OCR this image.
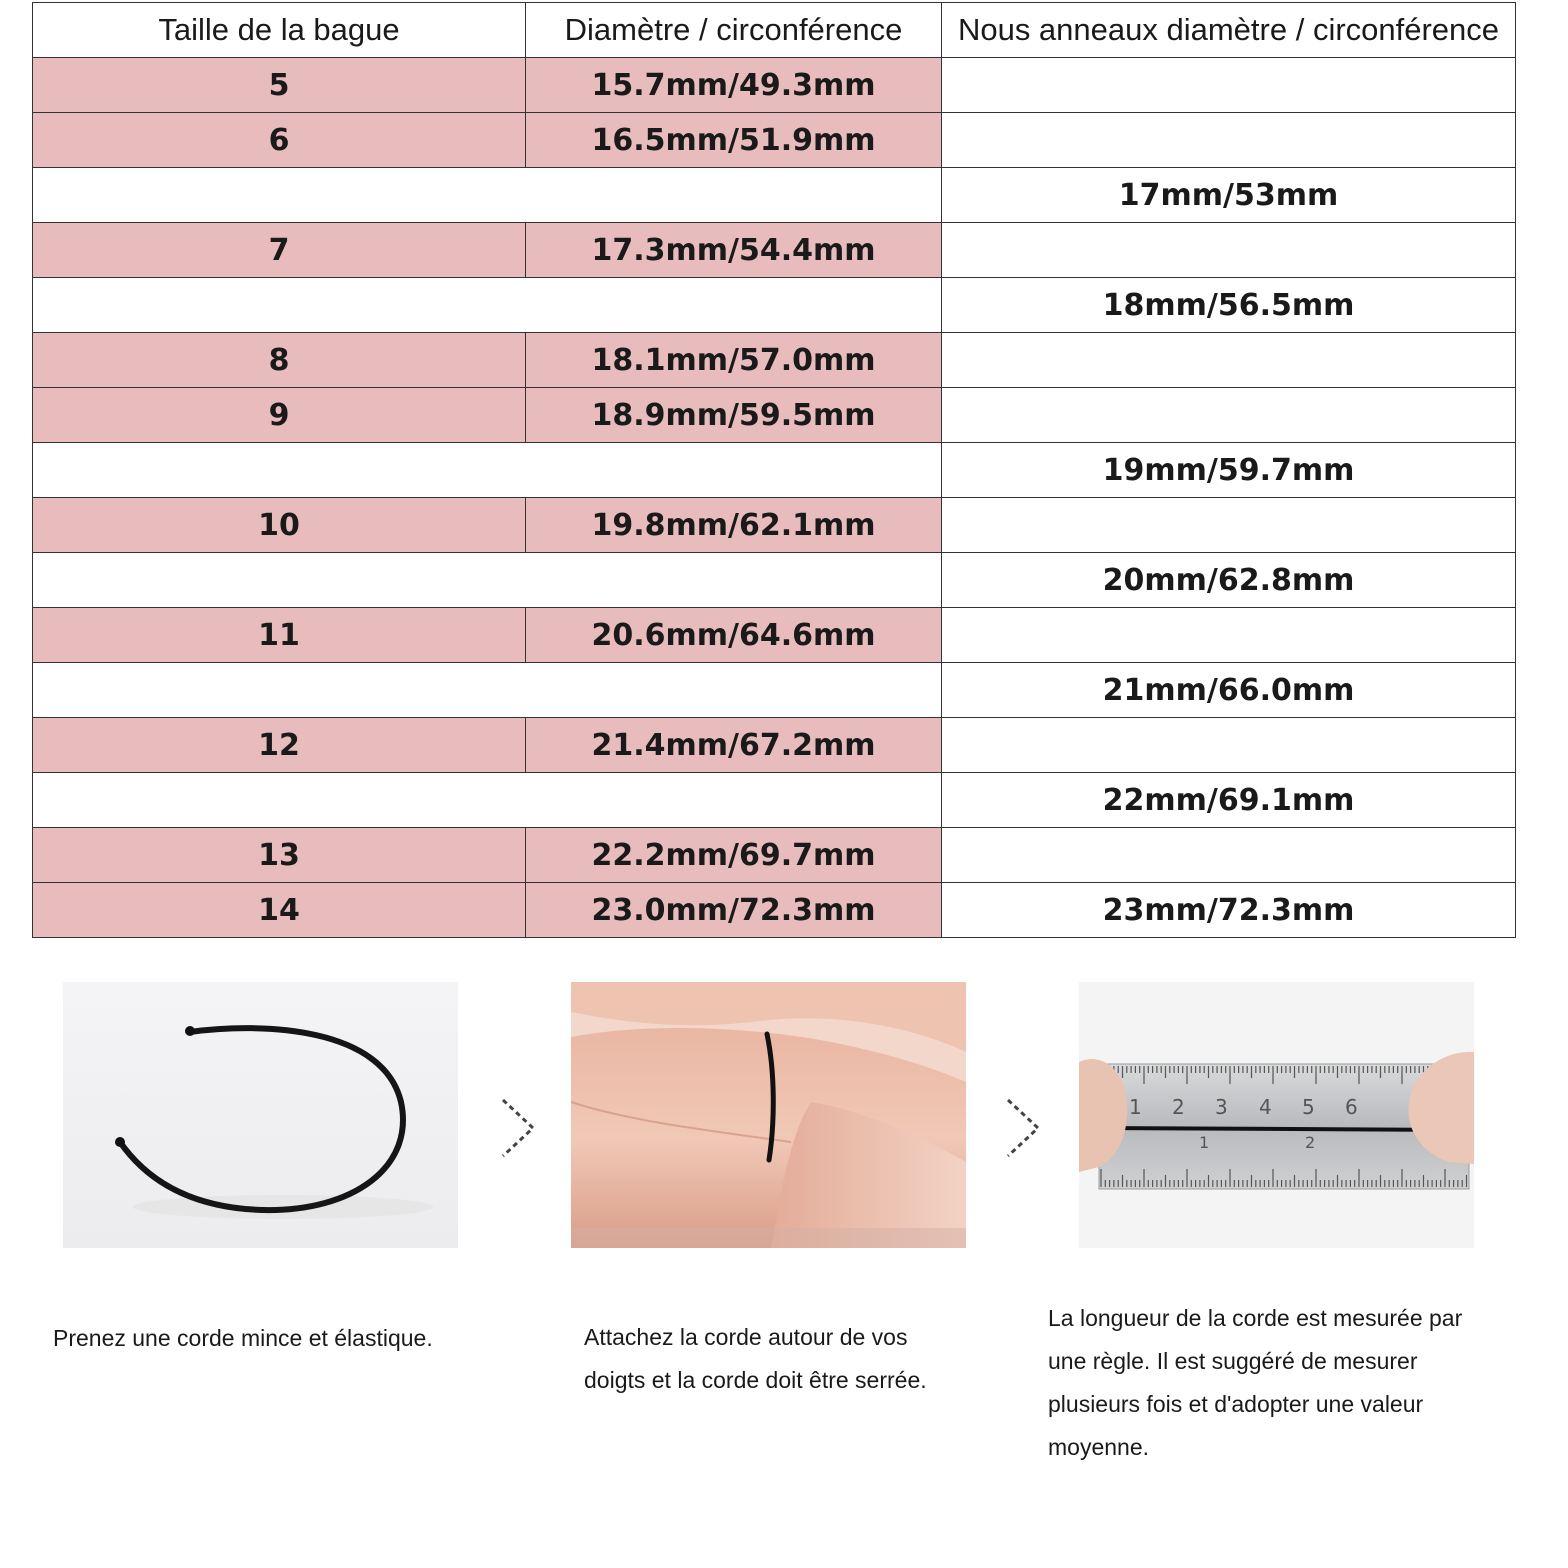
Taille de la bague	Diamètre / circonférence	Nous anneaux diamètre / circonférence
5	15.7mm/49.3mm	
6	16.5mm/51.9mm	
		17mm/53mm
7	17.3mm/54.4mm	
		18mm/56.5mm
8	18.1mm/57.0mm	
9	18.9mm/59.5mm	
		19mm/59.7mm
10	19.8mm/62.1mm	
		20mm/62.8mm
11	20.6mm/64.6mm	
		21mm/66.0mm
12	21.4mm/67.2mm	
		22mm/69.1mm
13	22.2mm/69.7mm	
14	23.0mm/72.3mm	23mm/72.3mm
1 2 3 4 5 6
1	2
Prenez une corde mince et élastique.	Attachez la corde autour de vos
doigts et la corde doit être serrée.
La longueur de la corde est mesurée par
une règle. Il est suggéré de mesurer
plusieurs fois et d'adopter une valeur
moyenne.
